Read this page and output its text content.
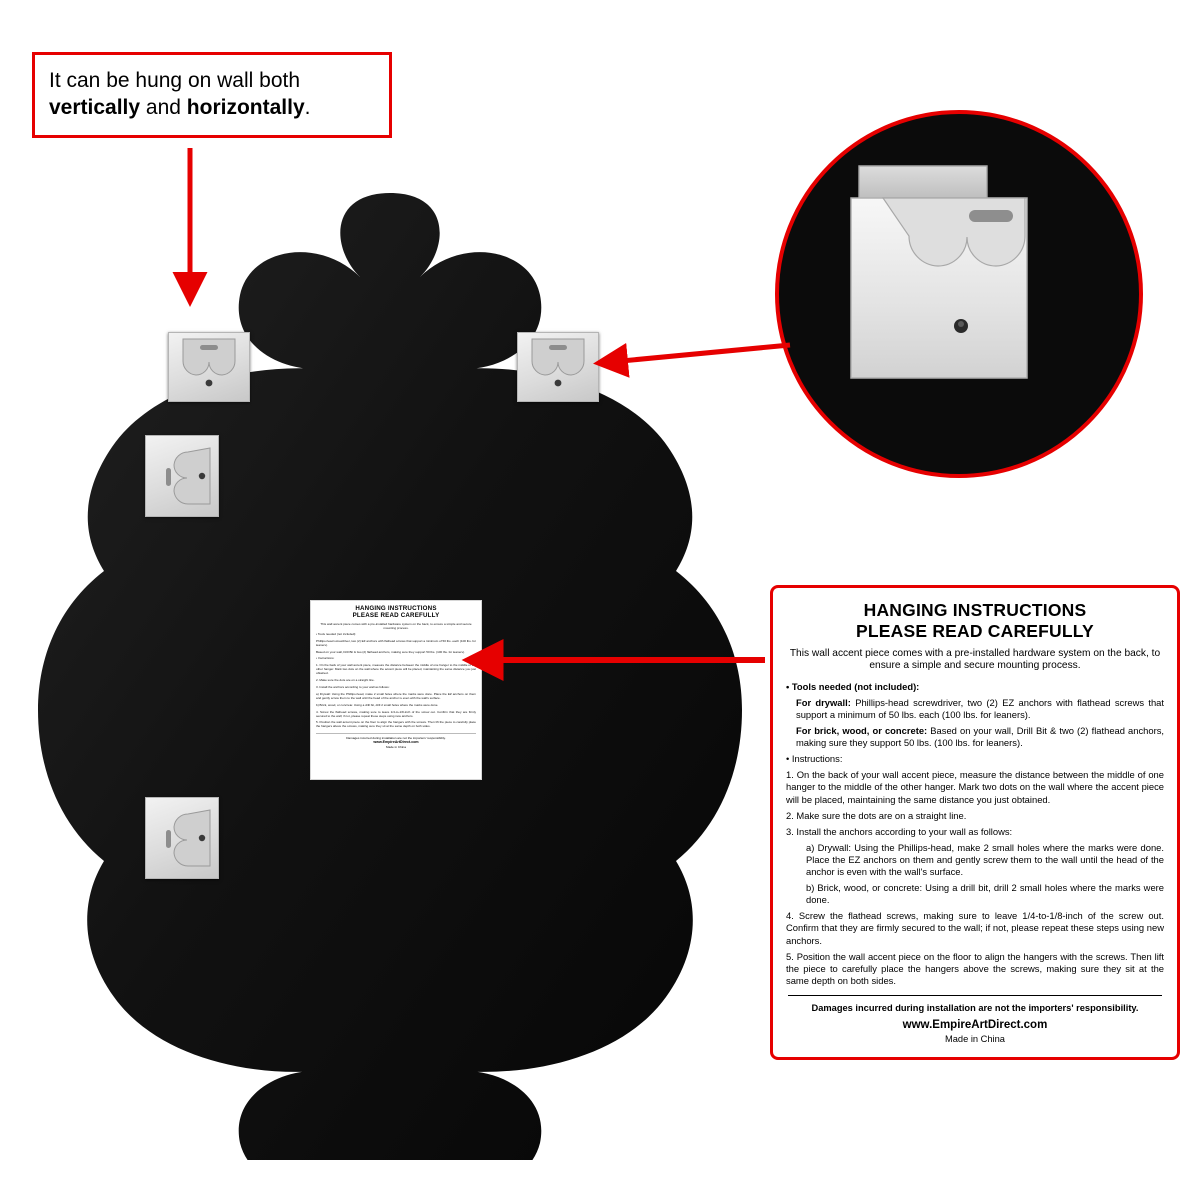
HANGING INSTRUCTIONS
PLEASE READ CAREFULLY
This wall accent piece comes with a pre-installed hardware system on the back, to ensure a simple and secure mounting process.
• Tools needed (not included):
Phillips-head screwdriver, two (2) EZ anchors with flathead screws that support a minimum of 50 lbs. each (100 lbs. for leaners).
Based on your wall, Drill Bit & two (2) flathead anchors, making sure they support 50 lbs. (100 lbs. for leaners).
• Instructions:
1. On the back of your wall accent piece, measure the distance between the middle of one hanger to the middle of the other hanger. Mark two dots on the wall where the accent piece will be placed, maintaining the same distance you just obtained.
2. Make sure the dots are on a straight line.
3. Install the anchors according to your wall as follows:
a) Drywall: Using the Phillips-head, make 2 small holes where the marks were done. Place the EZ anchors on them and gently screw them to the wall until the head of the anchor is even with the wall's surface.
b) Brick, wood, or concrete: Using a drill bit, drill 2 small holes where the marks were done.
4. Screw the flathead screws, making sure to leave 1/4-to-1/8-inch of the screw out. Confirm that they are firmly secured to the wall; if not, please repeat these steps using new anchors.
5. Position the wall accent piece on the floor to align the hangers with the screws. Then lift the piece to carefully place the hangers above the screws, making sure they sit at the same depth on both sides.
Damages incurred during installation are not the importers' responsibility.
www.EmpireArtDirect.com
Made in China
HANGING INSTRUCTIONS
PLEASE READ CAREFULLY
This wall accent piece comes with a pre-installed hardware system on the back, to ensure a simple and secure mounting process.
• Tools needed (not included):
For drywall: Phillips-head screwdriver, two (2) EZ anchors with flathead screws that support a minimum of 50 lbs. each (100 lbs. for leaners).
For brick, wood, or concrete: Based on your wall, Drill Bit & two (2) flathead anchors, making sure they support 50 lbs. (100 lbs. for leaners).
• Instructions:
1. On the back of your wall accent piece, measure the distance between the middle of one hanger to the middle of the other hanger. Mark two dots on the wall where the accent piece will be placed, maintaining the same distance you just obtained.
2. Make sure the dots are on a straight line.
3. Install the anchors according to your wall as follows:
a) Drywall: Using the Phillips-head, make 2 small holes where the marks were done. Place the EZ anchors on them and gently screw them to the wall until the head of the anchor is even with the wall's surface.
b) Brick, wood, or concrete: Using a drill bit, drill 2 small holes where the marks were done.
4. Screw the flathead screws, making sure to leave 1/4-to-1/8-inch of the screw out. Confirm that they are firmly secured to the wall; if not, please repeat these steps using new anchors.
5. Position the wall accent piece on the floor to align the hangers with the screws. Then lift the piece to carefully place the hangers above the screws, making sure they sit at the same depth on both sides.
Damages incurred during installation are not the importers' responsibility.
www.EmpireArtDirect.com
Made in China
It can be hung on wall both
vertically and horizontally.
